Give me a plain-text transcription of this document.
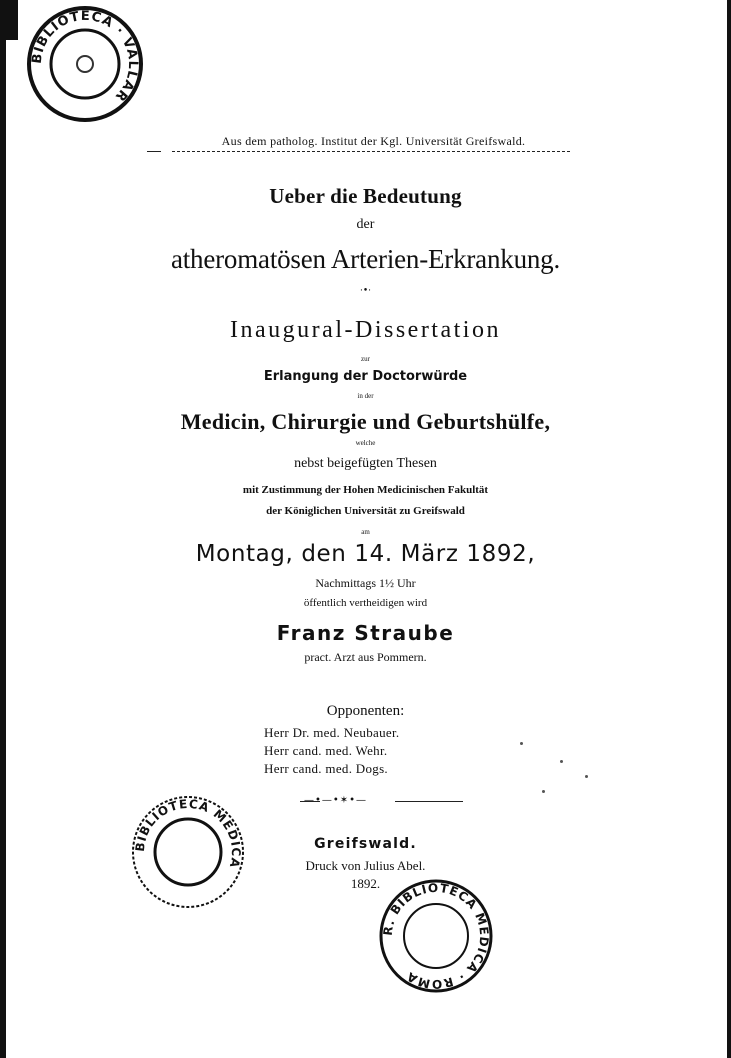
BIBLIOTECA · VALLAR
Aus dem patholog. Institut der Kgl. Universität Greifswald.
Ueber die Bedeutung
der
atheromatösen Arterien-Erkrankung.
·•·
Inaugural-Dissertation
zur
Erlangung der Doctorwürde
in der
Medicin, Chirurgie und Geburtshülfe,
welche
nebst beigefügten Thesen
mit Zustimmung der Hohen Medicinischen Fakultät
der Königlichen Universität zu Greifswald
am
Montag, den 14. März 1892,
Nachmittags 1½ Uhr
öffentlich vertheidigen wird
Franz Straube
pract. Arzt aus Pommern.
Opponenten:
Herr Dr. med. Neubauer.
Herr cand. med. Wehr.
Herr cand. med. Dogs.
—•—•✶•—
Greifswald.
Druck von Julius Abel.
1892.
BIBLIOTECA MEDICA
R. BIBLIOTECA MEDICA · ROMA
